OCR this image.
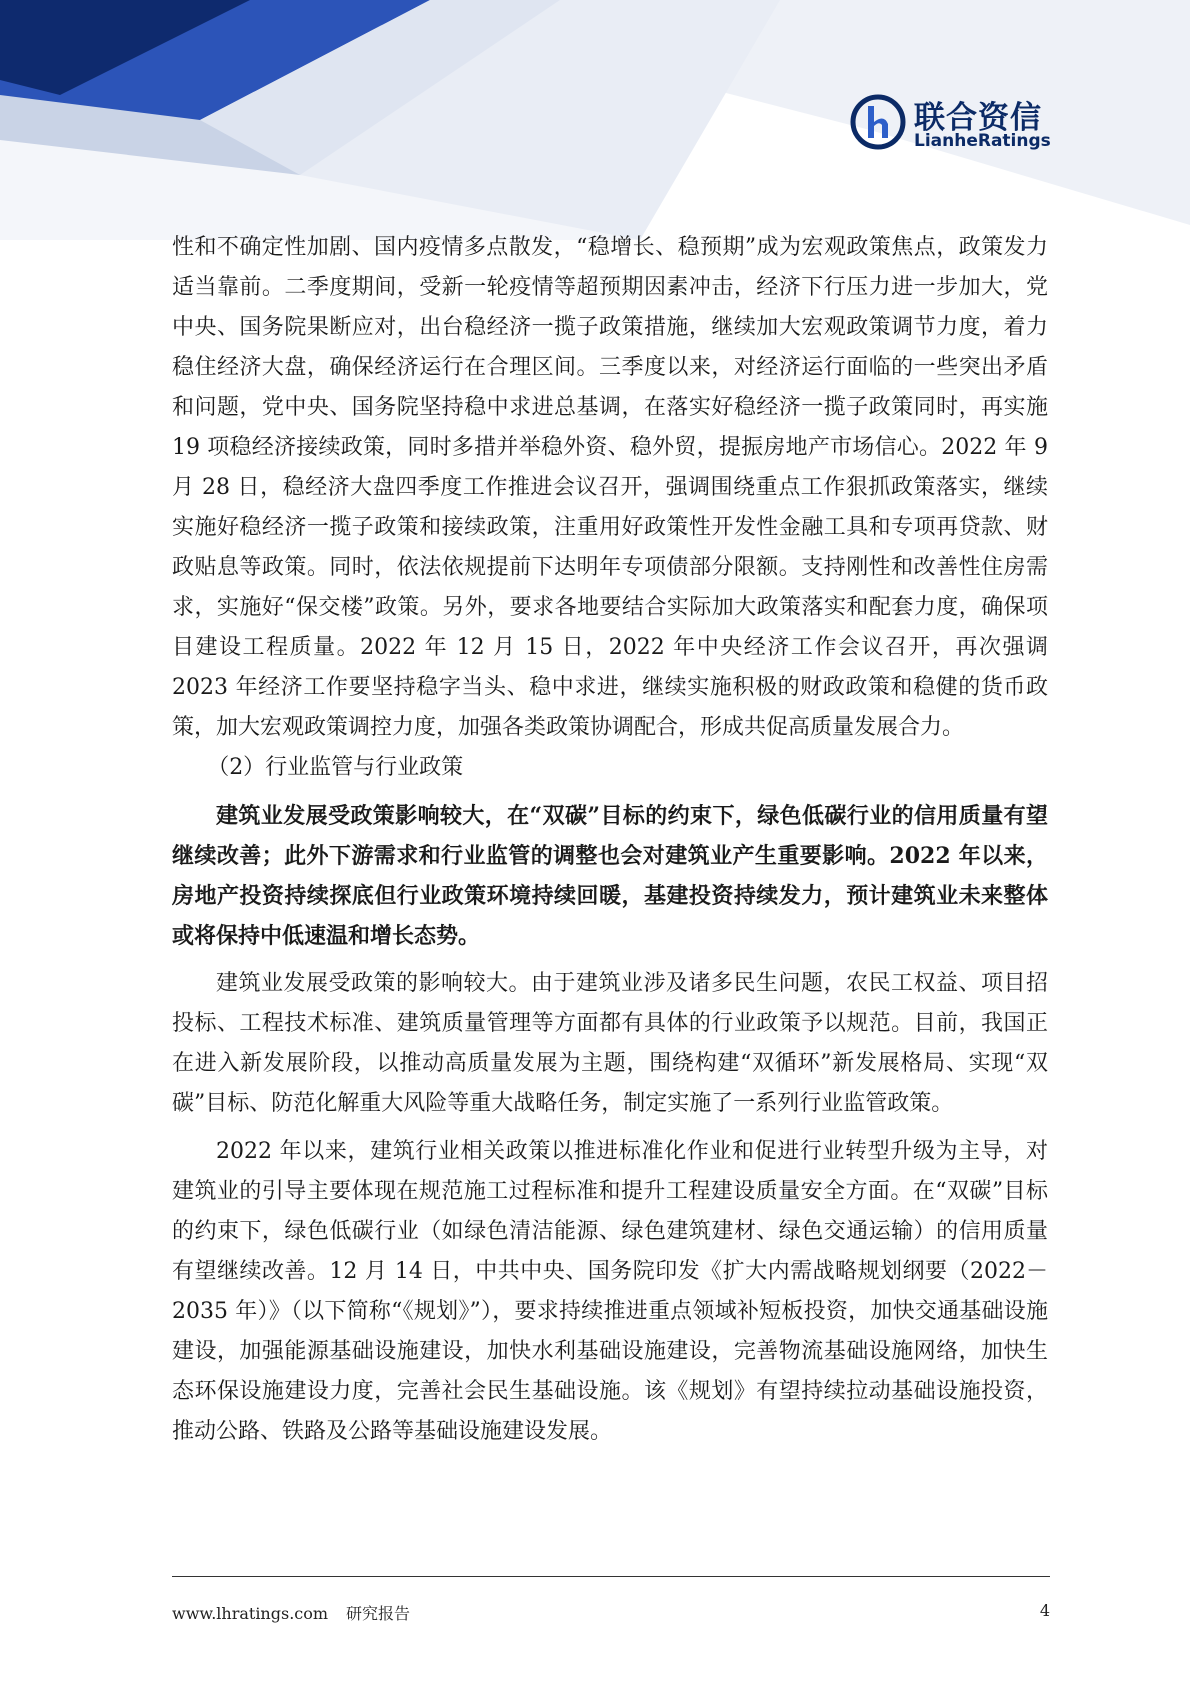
联合资信
LianheRatings

性和不确定性加剧、国内疫情多点散发，“稳增长、稳预期”成为宏观政策焦点，政策发力适当靠前。二季度期间，受新一轮疫情等超预期因素冲击，经济下行压力进一步加大，党中央、国务院果断应对，出台稳经济一揽子政策措施，继续加大宏观政策调节力度，着力稳住经济大盘，确保经济运行在合理区间。三季度以来，对经济运行面临的一些突出矛盾和问题，党中央、国务院坚持稳中求进总基调，在落实好稳经济一揽子政策同时，再实施 19 项稳经济接续政策，同时多措并举稳外资、稳外贸，提振房地产市场信心。2022 年 9 月 28 日，稳经济大盘四季度工作推进会议召开，强调围绕重点工作狠抓政策落实，继续实施好稳经济一揽子政策和接续政策，注重用好政策性开发性金融工具和专项再贷款、财政贴息等政策。同时，依法依规提前下达明年专项债部分限额。支持刚性和改善性住房需求，实施好“保交楼”政策。另外，要求各地要结合实际加大政策落实和配套力度，确保项目建设工程质量。2022 年 12 月 15 日，2022 年中央经济工作会议召开，再次强调 2023 年经济工作要坚持稳字当头、稳中求进，继续实施积极的财政政策和稳健的货币政策，加大宏观政策调控力度，加强各类政策协调配合，形成共促高质量发展合力。

（2）行业监管与行业政策

建筑业发展受政策影响较大，在“双碳”目标的约束下，绿色低碳行业的信用质量有望继续改善；此外下游需求和行业监管的调整也会对建筑业产生重要影响。2022 年以来，房地产投资持续探底但行业政策环境持续回暖，基建投资持续发力，预计建筑业未来整体或将保持中低速温和增长态势。

建筑业发展受政策的影响较大。由于建筑业涉及诸多民生问题，农民工权益、项目招投标、工程技术标准、建筑质量管理等方面都有具体的行业政策予以规范。目前，我国正在进入新发展阶段，以推动高质量发展为主题，围绕构建“双循环”新发展格局、实现“双碳”目标、防范化解重大风险等重大战略任务，制定实施了一系列行业监管政策。

2022 年以来，建筑行业相关政策以推进标准化作业和促进行业转型升级为主导，对建筑业的引导主要体现在规范施工过程标准和提升工程建设质量安全方面。在“双碳”目标的约束下，绿色低碳行业（如绿色清洁能源、绿色建筑建材、绿色交通运输）的信用质量有望继续改善。12 月 14 日，中共中央、国务院印发《扩大内需战略规划纲要（2022－2035 年）》（以下简称“《规划》”），要求持续推进重点领域补短板投资，加快交通基础设施建设，加强能源基础设施建设，加快水利基础设施建设，完善物流基础设施网络，加快生态环保设施建设力度，完善社会民生基础设施。该《规划》有望持续拉动基础设施投资，推动公路、铁路及公路等基础设施建设发展。

www.lhratings.com 研究报告	4
